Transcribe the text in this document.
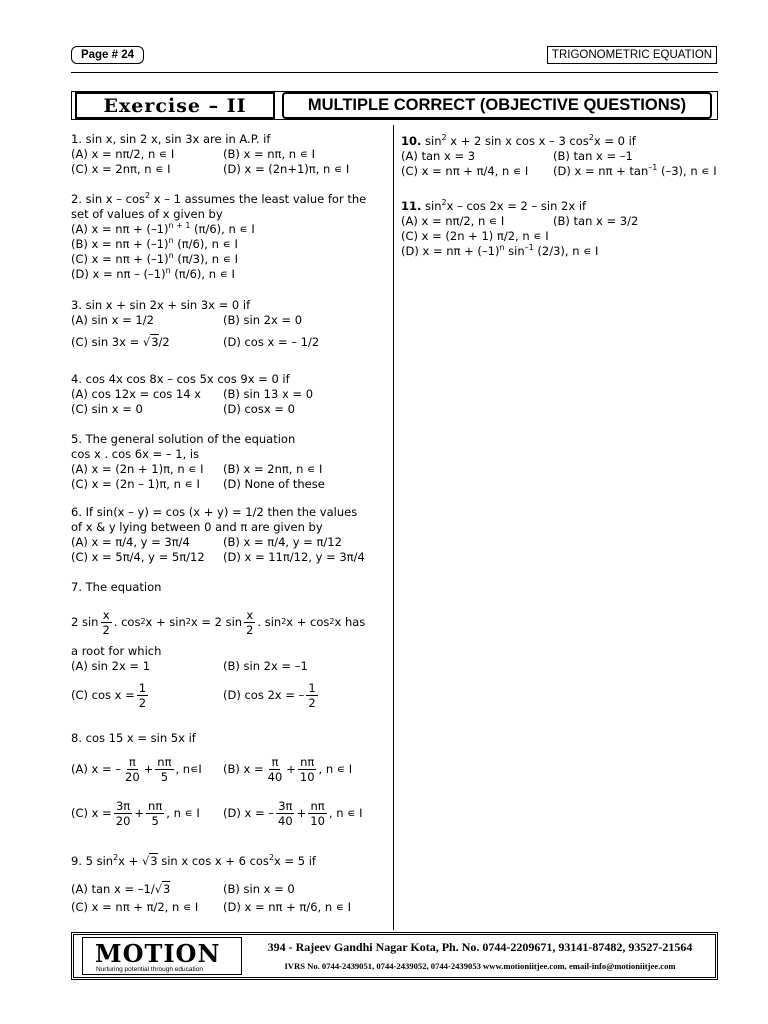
Page # 24	TRIGONOMETRIC EQUATION
Exercise – II	MULTIPLE CORRECT (OBJECTIVE QUESTIONS)
1. sin x, sin 2 x, sin 3x are in A.P. if
(A) x = nπ/2, n ∊ I	(B) x = nπ, n ∊ I
(C) x = 2nπ, n ∊ I	(D) x = (2n+1)π, n ∊ I
2. sin x – $\cos^2 x - 1$ assumes the least value for the
set of values of x given by
(A) $x = n\pi + (-1)^{n + 1}$ (π/6), n ∊ I
(B) $x = n\pi + (-1)^n$ (π/6), n ∊ I
(C) $x = n\pi + (-1)^n$ (π/3), n ∊ I
(D) $x = n\pi - (-1)^n$ (π/6), n ∊ I
3. sin x + sin 2x + sin 3x = 0 if
(A) sin x = 1/2	(B) sin 2x = 0
(C) sin 3x = √3/2	(D) cos x = – 1/2
4. cos 4x cos 8x – cos 5x cos 9x = 0 if
(A) cos 12x = cos 14 x	(B) sin 13 x = 0
(C) sin x = 0	(D) cosx = 0
5. The general solution of the equation
cos x . cos 6x = – 1, is
(A) x = (2n + 1)π, n ∊ I	(B) x = 2nπ, n ∊ I
(C) x = (2n – 1)π, n ∊ I	(D) None of these
6. If sin(x – y) = cos (x + y) = 1/2 then the values
of x & y lying between 0 and π are given by
(A) x = π/4, y = 3π/4	(B) x = π/4, y = π/12
(C) x = 5π/4, y = 5π/12	(D) x = 11π/12, y = 3π/4
7. The equation
2 $\sin \frac{x}{2}$ . cos 2 x + sin 2 x = 2 $\sin \frac{x}{2}$ . sin 2 x + cos 2 x has
a root for which
(A) sin 2x = 1	(B) sin 2x = –1
(C) $\cos x = \frac{1}{2}$	(D) cos 2x = – $\frac{1}{2}$
8. cos 15 x = sin 5x if
(A) x = – $\frac{\pi}{20} + \frac{n\pi}{5}$ , n∊I (B) $x = \frac{\pi}{40} + \frac{n\pi}{10}$ , n ∊ I
(C) $x = \frac{3\pi}{20} + \frac{n\pi}{5}$ , n ∊ I (D) x = – $\frac{3\pi}{40} + \frac{n\pi}{10}$ , n ∊ I
9. 5 $\sin^2x + √3$ sin x cos x + 6 $\cos^2x = 5$ if
(A) tan x = –1/√3	(B) sin x = 0
(C) x = nπ + π/2, n ∊ I	(D) x = nπ + π/6, n ∊ I
10. $\sin^2 x + 2$ sin x cos x – 3 $\cos^2x = 0$ if
(A) tan x = 3	(B) tan x = –1
(C) x = nπ + π/4, n ∊ I	(D) $x = n\pi + \tan^{-1} (-3)$, n ∊ I
11. $\sin^2x - \cos 2x = 2 - \sin 2x$ if
(A) x = nπ/2, n ∊ I	(B) tan x = 3/2
(C) x = (2n + 1) π/2, n ∊ I
(D) $x = n\pi + (-1)^n$ $\sin^{-1} (2/3)$, n ∊ I
MOTION
Nurturing potential through education
394 - Rajeev Gandhi Nagar Kota, Ph. No. 0744-2209671, 93141-87482, 93527-21564
IVRS No. 0744-2439051, 0744-2439052, 0744-2439053 www.motioniitjee.com, email-info@motioniitjee.com
